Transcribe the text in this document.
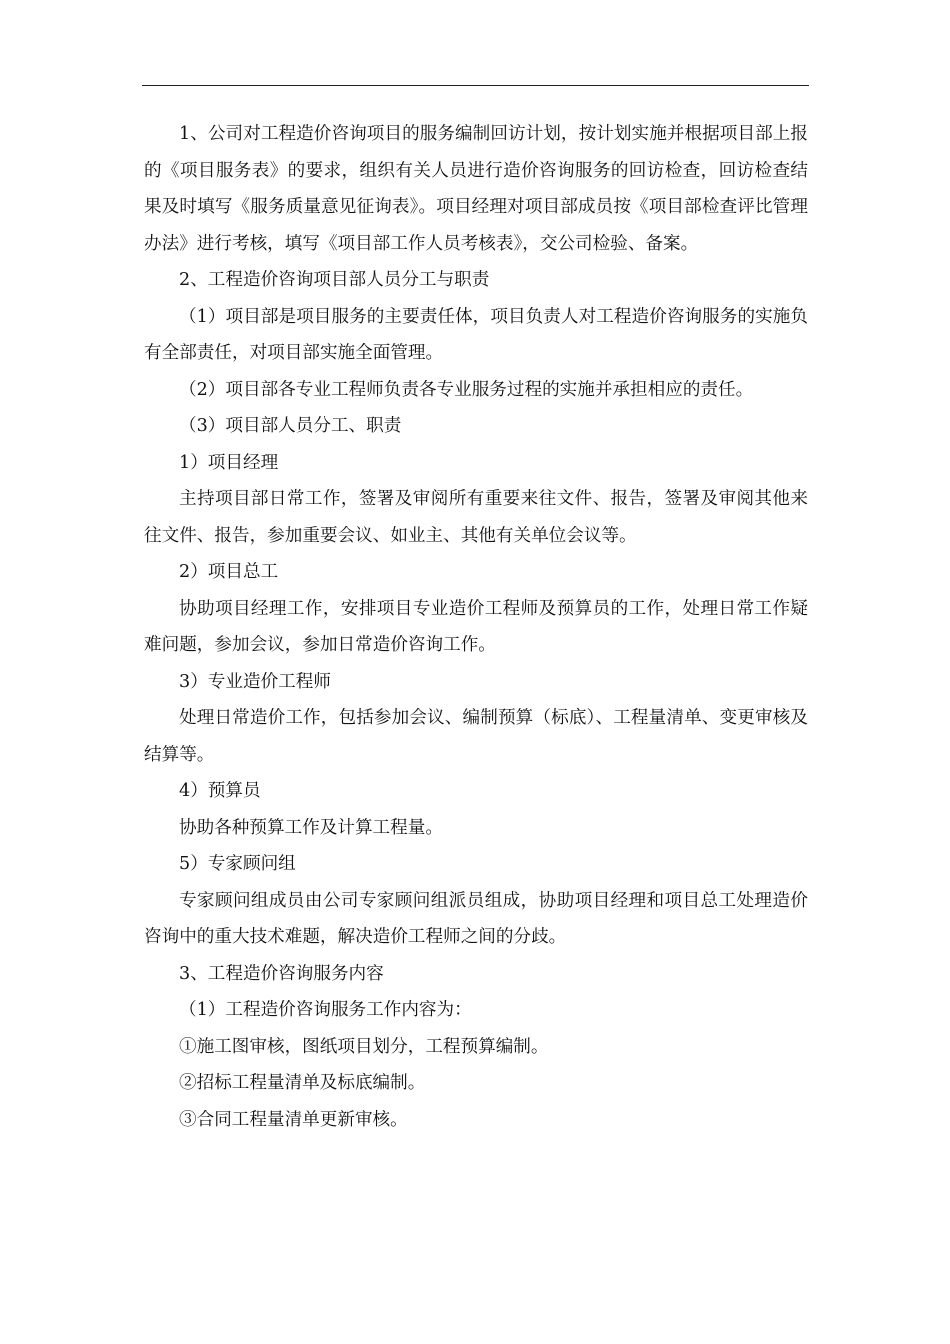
1、公司对工程造价咨询项目的服务编制回访计划，按计划实施并根据项目部上报的《项目服务表》的要求，组织有关人员进行造价咨询服务的回访检查，回访检查结果及时填写《服务质量意见征询表》。项目经理对项目部成员按《项目部检查评比管理办法》进行考核，填写《项目部工作人员考核表》，交公司检验、备案。

2、工程造价咨询项目部人员分工与职责

（1）项目部是项目服务的主要责任体，项目负责人对工程造价咨询服务的实施负有全部责任，对项目部实施全面管理。

（2）项目部各专业工程师负责各专业服务过程的实施并承担相应的责任。

（3）项目部人员分工、职责

1）项目经理

主持项目部日常工作，签署及审阅所有重要来往文件、报告，签署及审阅其他来往文件、报告，参加重要会议、如业主、其他有关单位会议等。

2）项目总工

协助项目经理工作，安排项目专业造价工程师及预算员的工作，处理日常工作疑难问题，参加会议，参加日常造价咨询工作。

3）专业造价工程师

处理日常造价工作，包括参加会议、编制预算（标底）、工程量清单、变更审核及结算等。

4）预算员

协助各种预算工作及计算工程量。

5）专家顾问组

专家顾问组成员由公司专家顾问组派员组成，协助项目经理和项目总工处理造价咨询中的重大技术难题，解决造价工程师之间的分歧。

3、工程造价咨询服务内容

（1）工程造价咨询服务工作内容为：

①施工图审核，图纸项目划分，工程预算编制。

②招标工程量清单及标底编制。

③合同工程量清单更新审核。
